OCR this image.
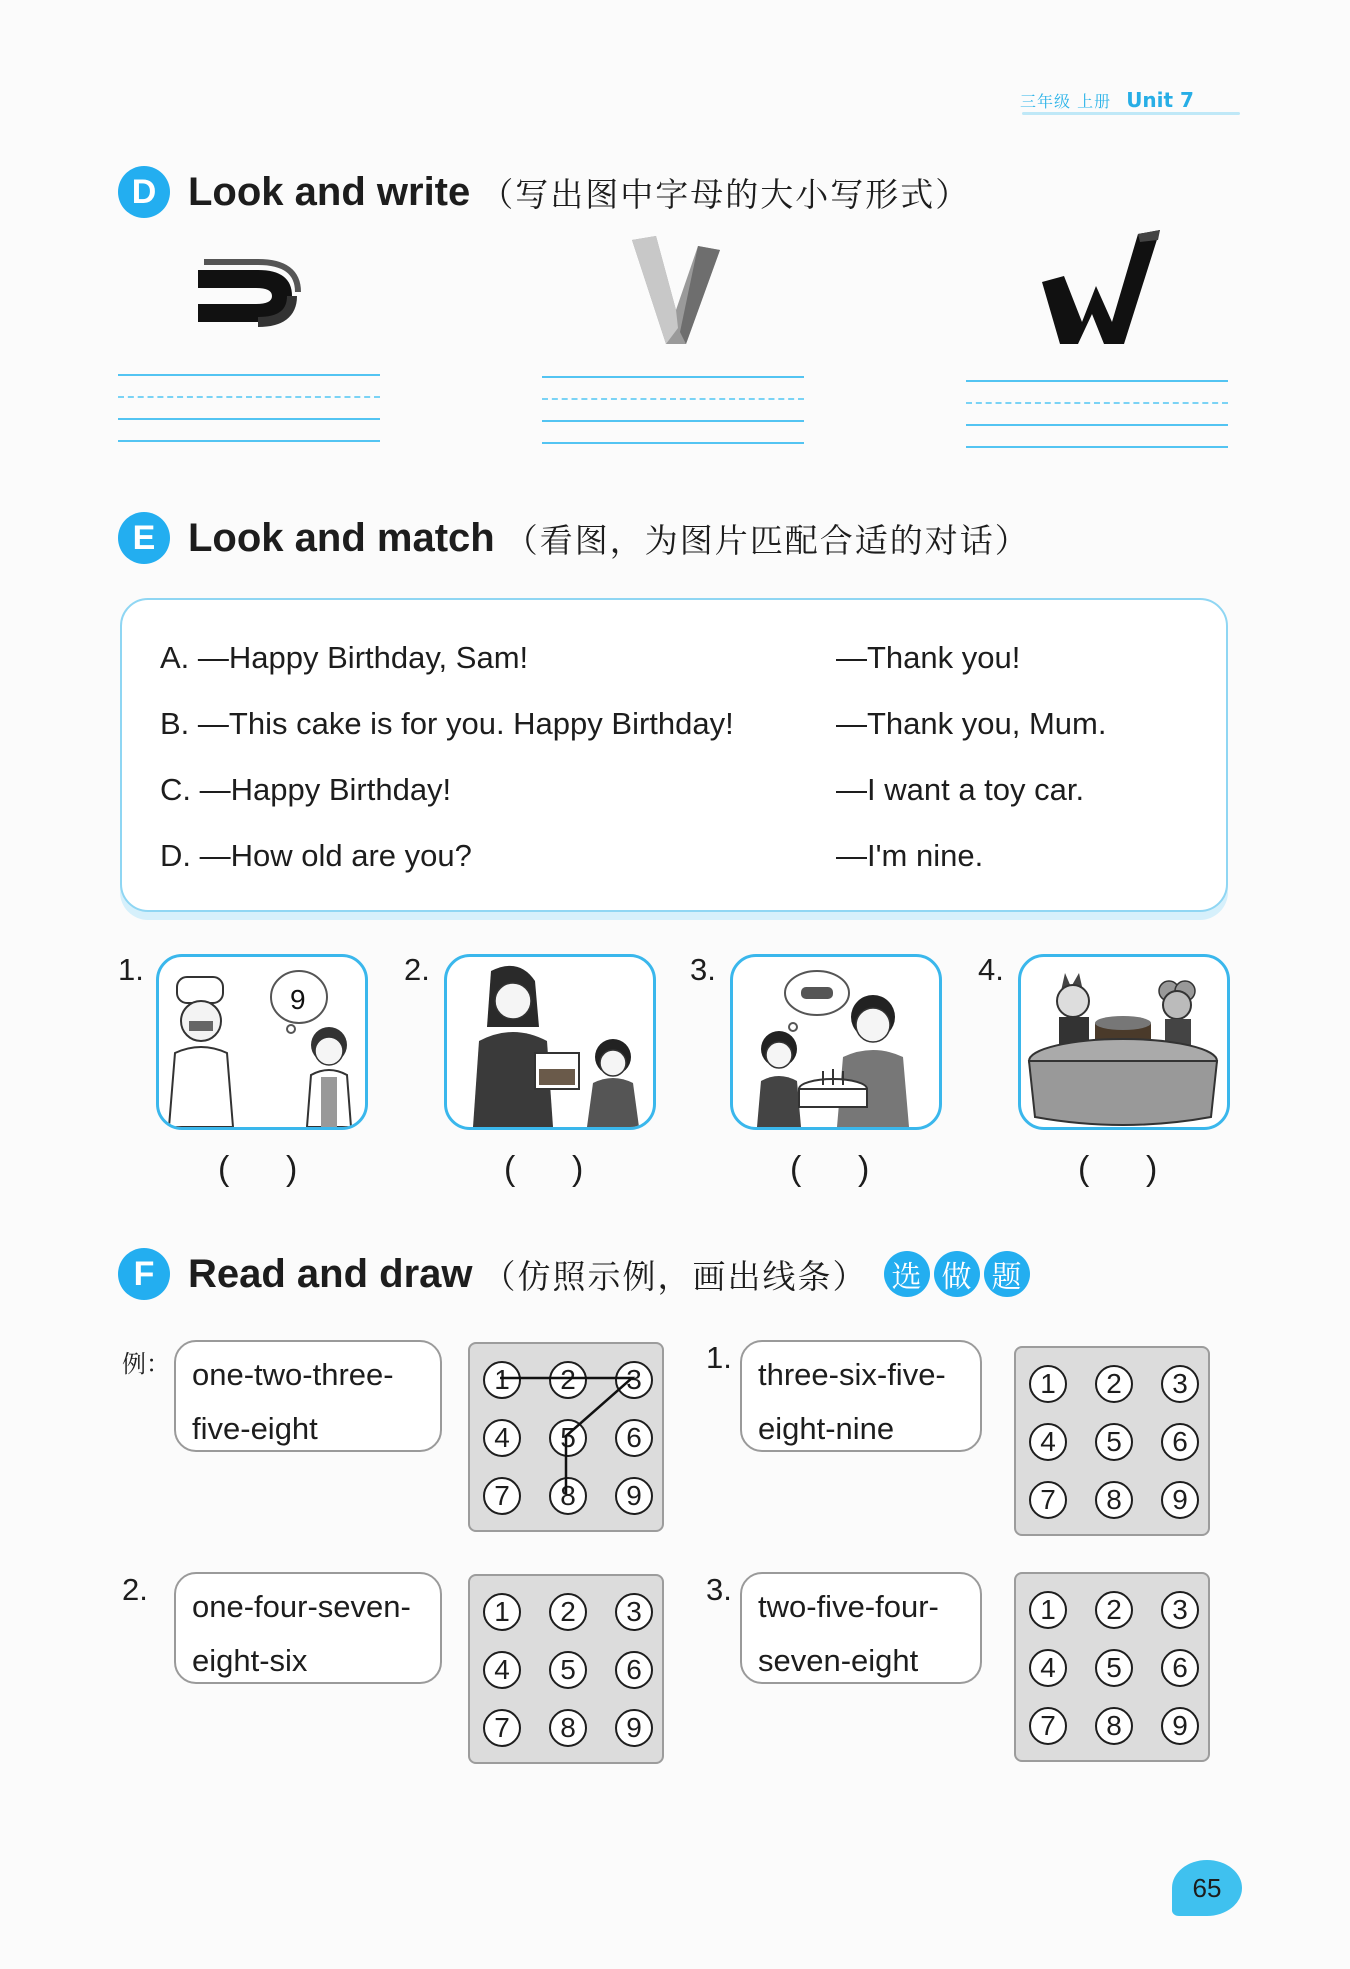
三年级 上册 Unit 7
D Look and write （写出图中字母的大小写形式）
E Look and match （看图，为图片匹配合适的对话）
A. —Happy Birthday, Sam!	—Thank you!
B. —This cake is for you. Happy Birthday!	—Thank you, Mum.
C. —Happy Birthday!	—I want a toy car.
D. —How old are you?	—I'm nine.
1.
9
(      )
2.
(      )
3.
(      )
4.
(      )
F Read and draw （仿照示例，画出线条） 选 做 题
例： one-two-three-
five-eight
1	2	3
4	5	6
7	8	9
1. three-six-five-
eight-nine
1	2	3
4	5	6
7	8	9
2. one-four-seven-
eight-six
1	2	3
4	5	6
7	8	9
3. two-five-four-
seven-eight
1	2	3
4	5	6
7	8	9
65
